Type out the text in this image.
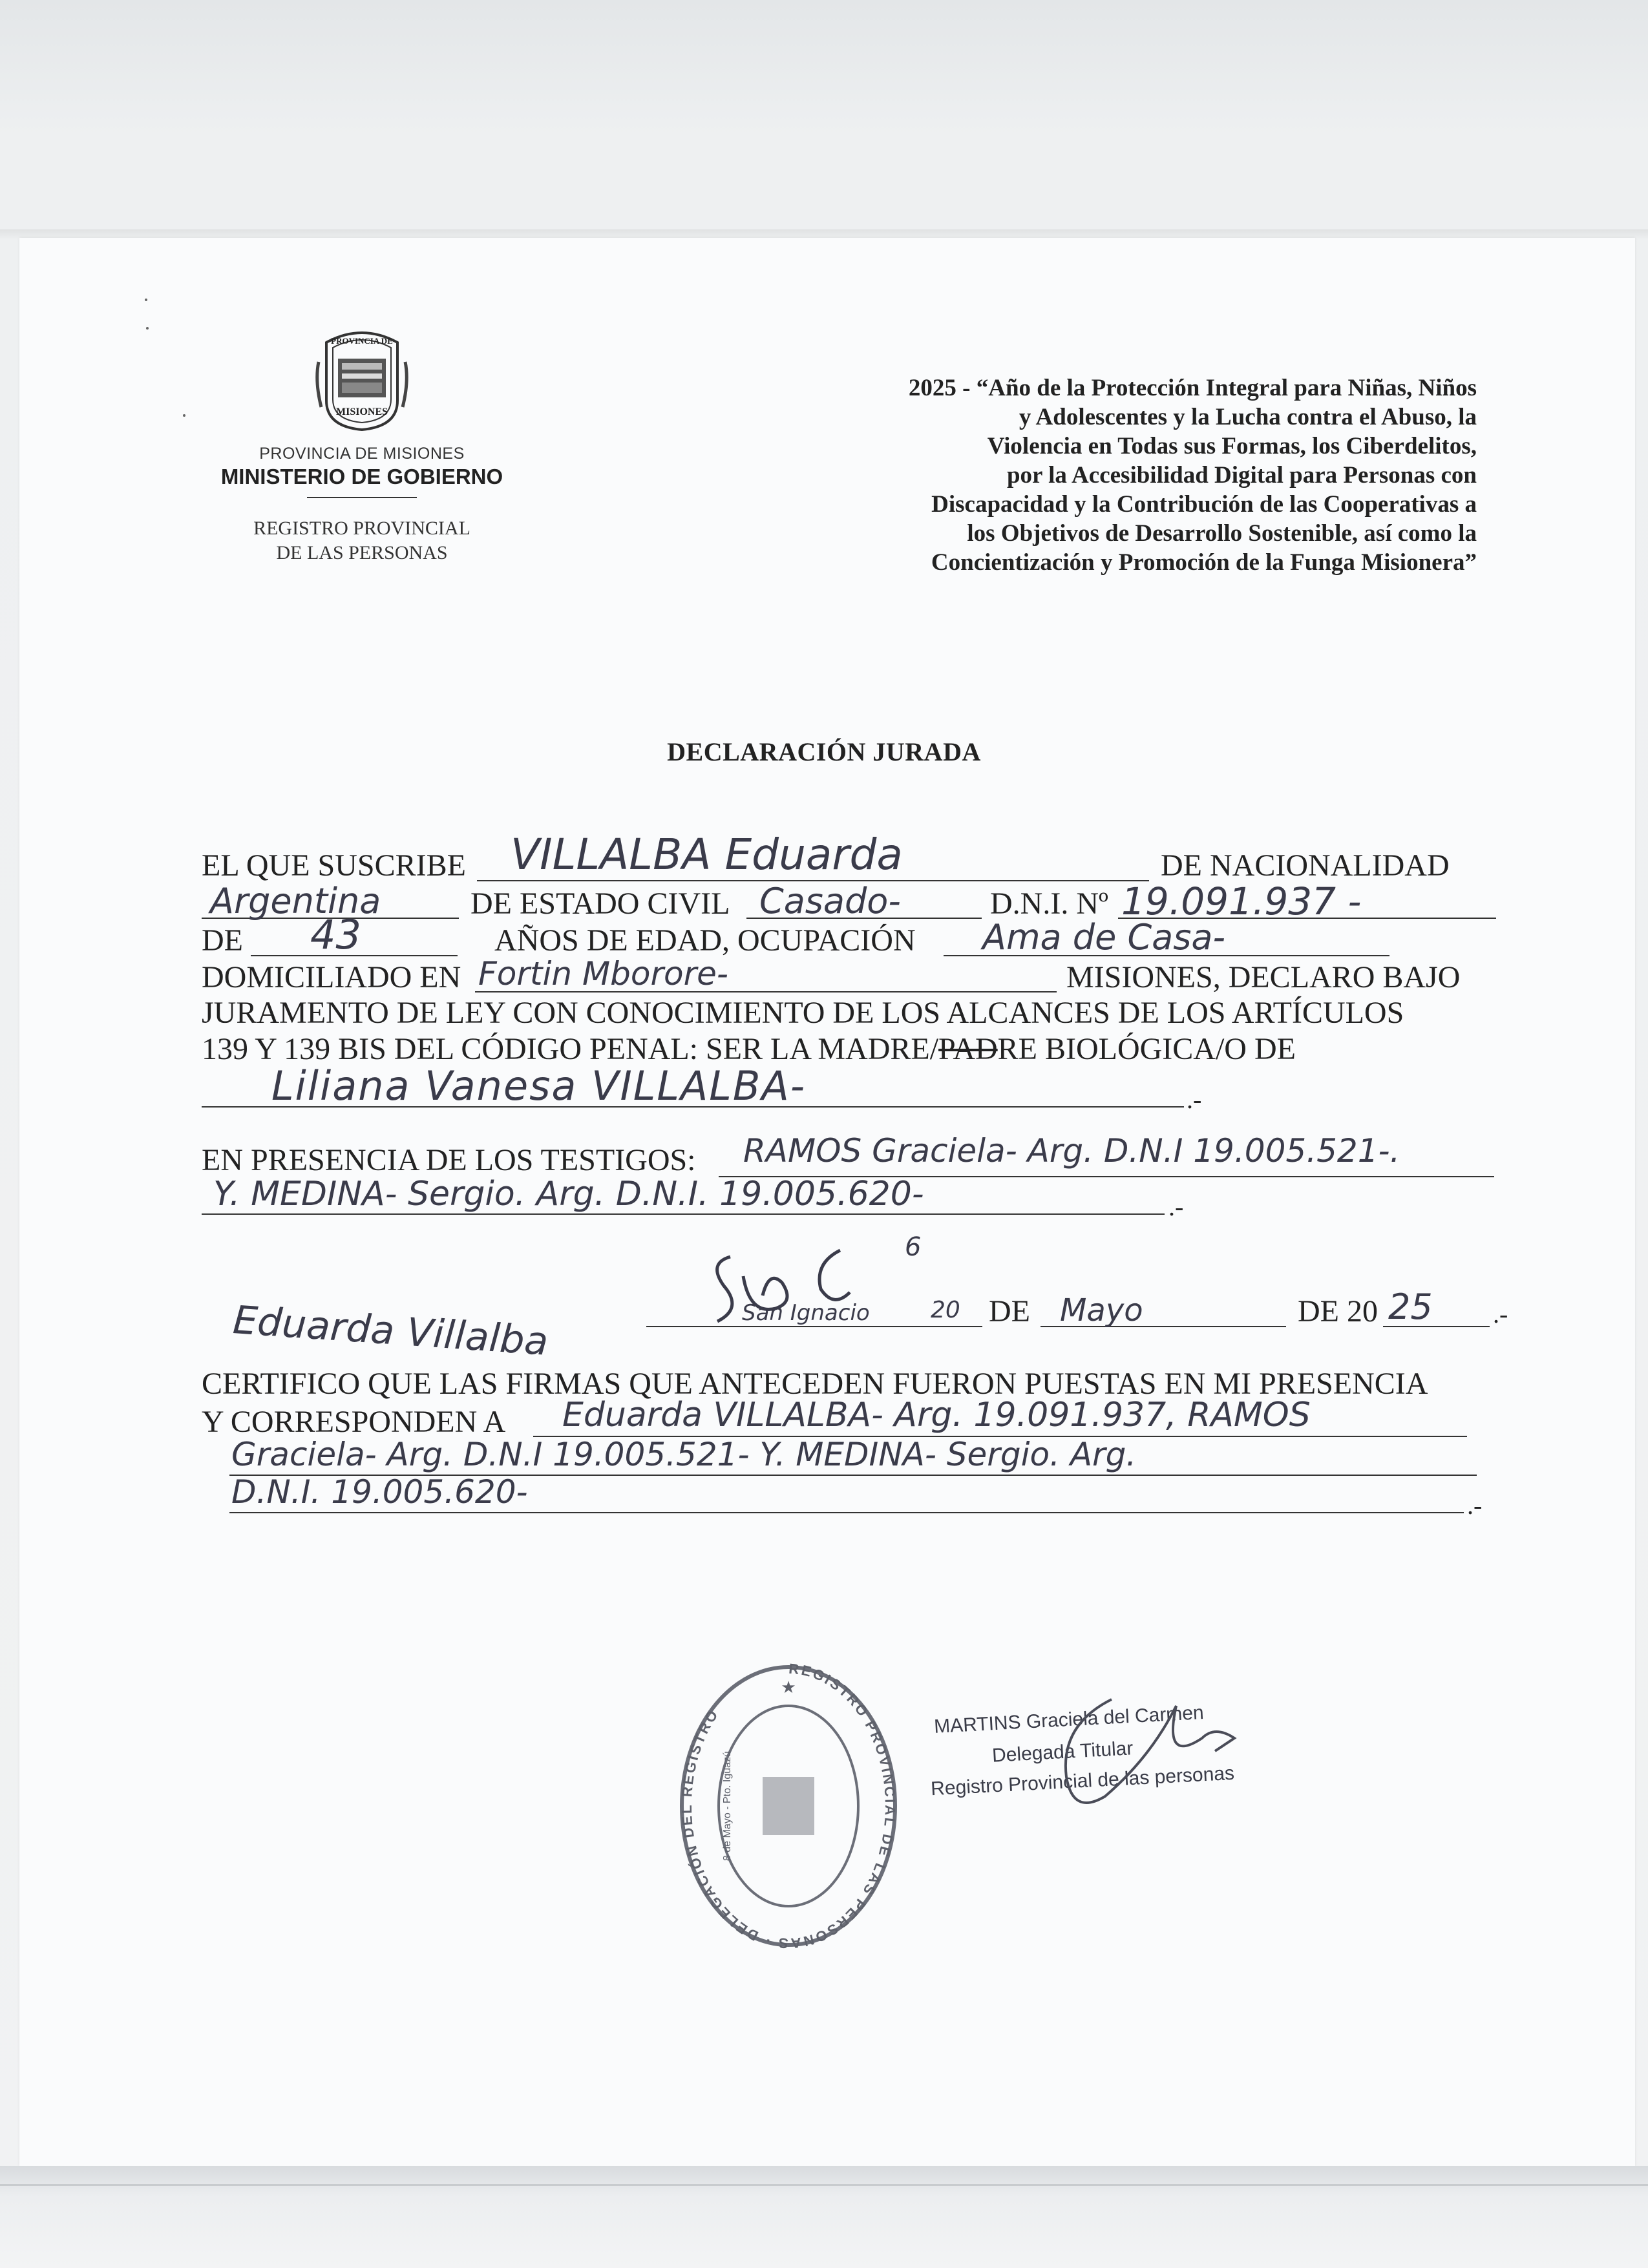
PROVINCIA DE
MISIONES
PROVINCIA DE MISIONES
MINISTERIO DE GOBIERNO
REGISTRO PROVINCIAL
DE LAS PERSONAS
2025 - “Año de la Protección Integral para Niñas, Niños
y Adolescentes y la Lucha contra el Abuso, la
Violencia en Todas sus Formas, los Ciberdelitos,
por la Accesibilidad Digital para Personas con
Discapacidad y la Contribución de las Cooperativas a
los Objetivos de Desarrollo Sostenible, así como la
Concientización y Promoción de la Funga Misionera”
DECLARACIÓN JURADA
EL QUE SUSCRIBE VILLALBA Eduarda	DE NACIONALIDAD
Argentina	DE ESTADO CIVIL Casado-	D.N.I. Nº 19.091.937 -
DE 43	AÑOS DE EDAD, OCUPACIÓN Ama de Casa-
DOMICILIADO EN Fortin Mborore-	MISIONES, DECLARO BAJO
JURAMENTO DE LEY CON CONOCIMIENTO DE LOS ALCANCES DE LOS ARTÍCULOS
139 Y 139 BIS DEL CÓDIGO PENAL: SER LA MADRE/PADRE BIOLÓGICA/O DE
Liliana Vanesa VILLALBA-	.-
EN PRESENCIA DE LOS TESTIGOS: RAMOS Graciela- Arg. D.N.I 19.005.521-.
Y. MEDINA- Sergio. Arg. D.N.I. 19.005.620-	.-
San Ignacio
6
20 DE Mayo	DE 20 25 .-
Eduarda Villalba
CERTIFICO QUE LAS FIRMAS QUE ANTECEDEN FUERON PUESTAS EN MI PRESENCIA
Y CORRESPONDEN A Eduarda VILLALBA- Arg. 19.091.937, RAMOS
Graciela- Arg. D.N.I 19.005.521- Y. MEDINA- Sergio. Arg.
D.N.I. 19.005.620-	.-
REGISTRO PROVINCIAL DE LAS PERSONAS · DELEGACIÓN DEL REGISTRO
★
8 de Mayo - Pto. Iguazú
MARTINS Graciela del Carmen
Delegada Titular
Registro Provincial de las personas
